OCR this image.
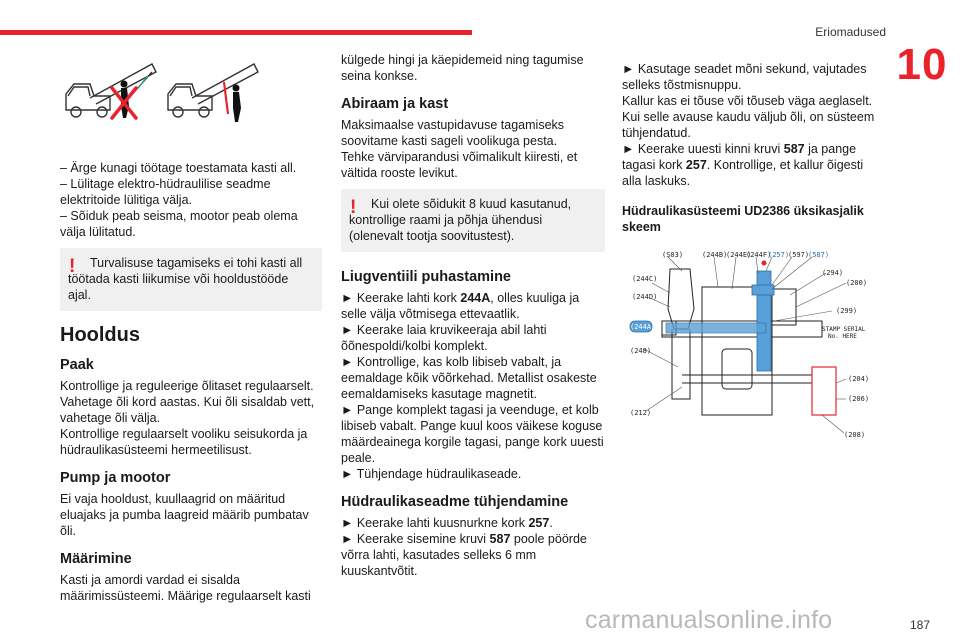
Eriomadused
10

– Ärge kunagi töötage toestamata kasti all.

– Lülitage elektro-hüdraulilise seadme elektritoide lülitiga välja.

– Sõiduk peab seisma, mootor peab olema välja lülitatud.

!	Turvalisuse tagamiseks ei tohi kasti all töötada kasti liikumise või hooldustööde ajal.

Hooldus
Paak

Kontrollige ja reguleerige õlitaset regulaarselt. Vahetage õli kord aastas. Kui õli sisaldab vett, vahetage õli välja.

Kontrollige regulaarselt vooliku seisukorda ja hüdraulikasüsteemi hermeetilisust.

Pump ja mootor

Ei vaja hooldust, kuullaagrid on määritud eluajaks ja pumba laagreid määrib pumbatav õli.

Määrimine

Kasti ja amordi vardad ei sisalda määrimissüsteemi. Määrige regulaarselt kasti

külgede hingi ja käepidemeid ning tagumise seina konkse.

Abiraam ja kast

Maksimaalse vastupidavuse tagamiseks soovitame kasti sageli voolikuga pesta.

Tehke värviparandusi võimalikult kiiresti, et vältida rooste levikut.

!	Kui olete sõidukit 8 kuud kasutanud, kontrollige raami ja põhja ühendusi (olenevalt tootja soovitustest).

Liugventiili puhastamine

► Keerake lahti kork 244A, olles kuuliga ja selle välja võtmisega ettevaatlik.

► Keerake laia kruvikeeraja abil lahti õõnespoldi/kolbi komplekt.

► Kontrollige, kas kolb libiseb vabalt, ja eemaldage kõik võõrkehad. Metallist osakeste eemaldamiseks kasutage magnetit.

► Pange komplekt tagasi ja veenduge, et kolb libiseb vabalt. Pange kuul koos väikese koguse määrdeainega korgile tagasi, pange kork uuesti peale.

► Tühjendage hüdraulikaseade.

Hüdraulikaseadme tühjendamine

► Keerake lahti kuusnurkne kork 257.

► Keerake sisemine kruvi 587 poole pöörde võrra lahti, kasutades selleks 6 mm kuuskantvõtit.

► Kasutage seadet mõni sekund, vajutades selleks tõstmisnuppu.

Kallur kas ei tõuse või tõuseb väga aeglaselt. Kui selle avause kaudu väljub õli, on süsteem tühjendatud.

► Keerake uuesti kinni kruvi 587 ja pange tagasi kork 257. Kontrollige, et kallur õigesti alla laskuks.

Hüdraulikasüsteemi UD2386 üksikasjalik skeem
(S03)	(244B)
(244E)
(244F)
(257)
(597)
(587)
(294)
(200)
(299)
(244C)
(244D)
(244A)
(248)
(212)
(204)
(206)
(208)
STAMP SERIAL
No. HERE
carmanualsonline.info	187
